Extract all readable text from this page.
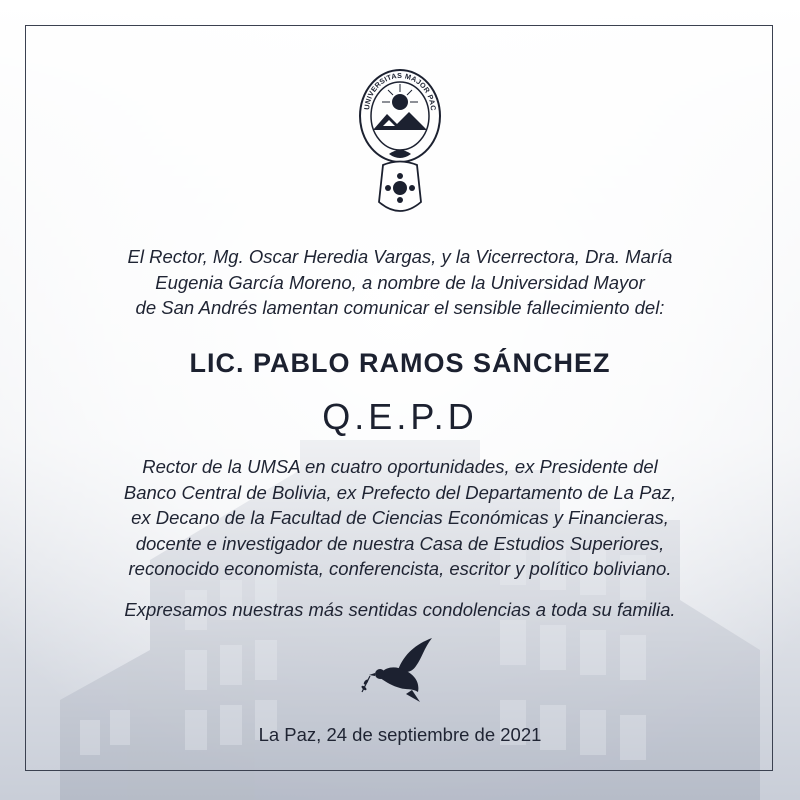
UNIVERSITAS MAJOR PAC
El Rector, Mg. Oscar Heredia Vargas, y la Vicerrectora, Dra. María
Eugenia García Moreno, a nombre de la Universidad Mayor
de San Andrés lamentan comunicar el sensible fallecimiento del:
LIC. PABLO RAMOS SÁNCHEZ
Q.E.P.D
Rector de la UMSA en cuatro oportunidades, ex Presidente del
Banco Central de Bolivia, ex Prefecto del Departamento de La Paz,
ex Decano de la Facultad de Ciencias Económicas y Financieras,
docente e investigador de nuestra Casa de Estudios Superiores,
reconocido economista, conferencista, escritor y político boliviano.
Expresamos nuestras más sentidas condolencias a toda su familia.
La Paz, 24 de septiembre de 2021
